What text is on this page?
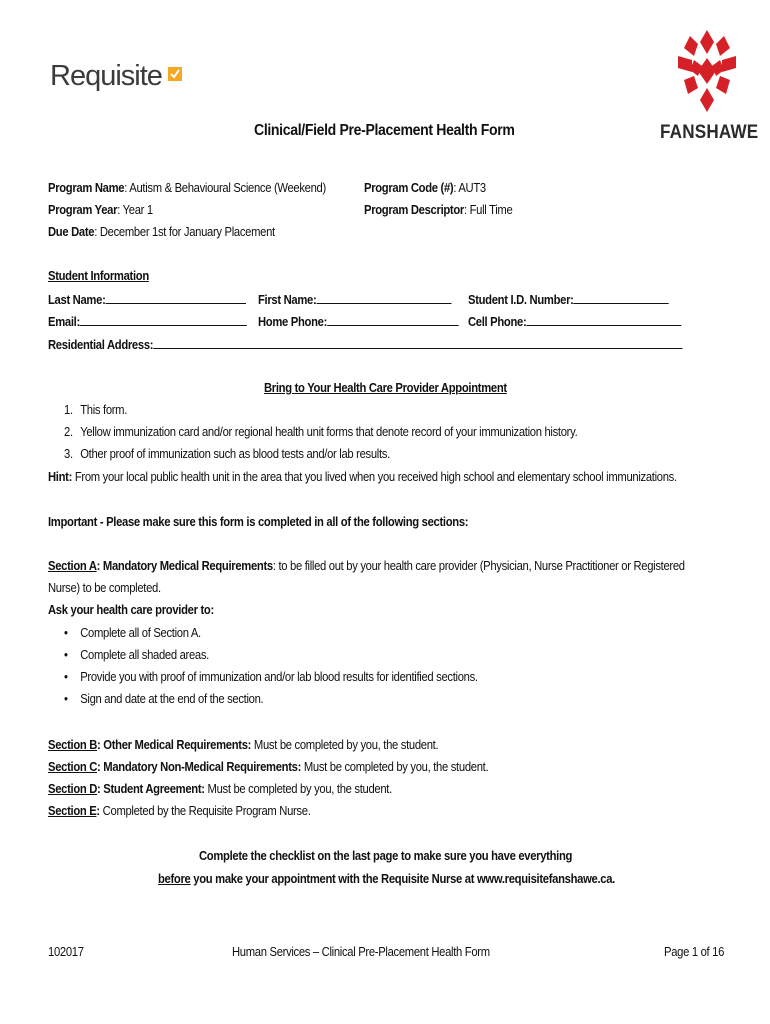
Requisite
FANSHAWE
Clinical/Field Pre-Placement Health Form
Program Name: Autism & Behavioural Science (Weekend)
Program Year: Year 1
Due Date: December 1st for January Placement
Program Code (#): AUT3
Program Descriptor: Full Time
Student Information
Last Name:	First Name:	Student I.D. Number:
Email:	Home Phone:	Cell Phone:
Residential Address:
Bring to Your Health Care Provider Appointment
1. This form.
2. Yellow immunization card and/or regional health unit forms that denote record of your immunization history.
3. Other proof of immunization such as blood tests and/or lab results.
Hint: From your local public health unit in the area that you lived when you received high school and elementary school immunizations.
Important - Please make sure this form is completed in all of the following sections:
Section A: Mandatory Medical Requirements: to be filled out by your health care provider (Physician, Nurse Practitioner or Registered
Nurse) to be completed.
Ask your health care provider to:
• Complete all of Section A.
• Complete all shaded areas.
• Provide you with proof of immunization and/or lab blood results for identified sections.
• Sign and date at the end of the section.
Section B: Other Medical Requirements: Must be completed by you, the student.
Section C: Mandatory Non-Medical Requirements: Must be completed by you, the student.
Section D: Student Agreement: Must be completed by you, the student.
Section E: Completed by the Requisite Program Nurse.
Complete the checklist on the last page to make sure you have everything
before you make your appointment with the Requisite Nurse at www.requisitefanshawe.ca.
102017	Human Services – Clinical Pre-Placement Health Form	Page 1 of 16
